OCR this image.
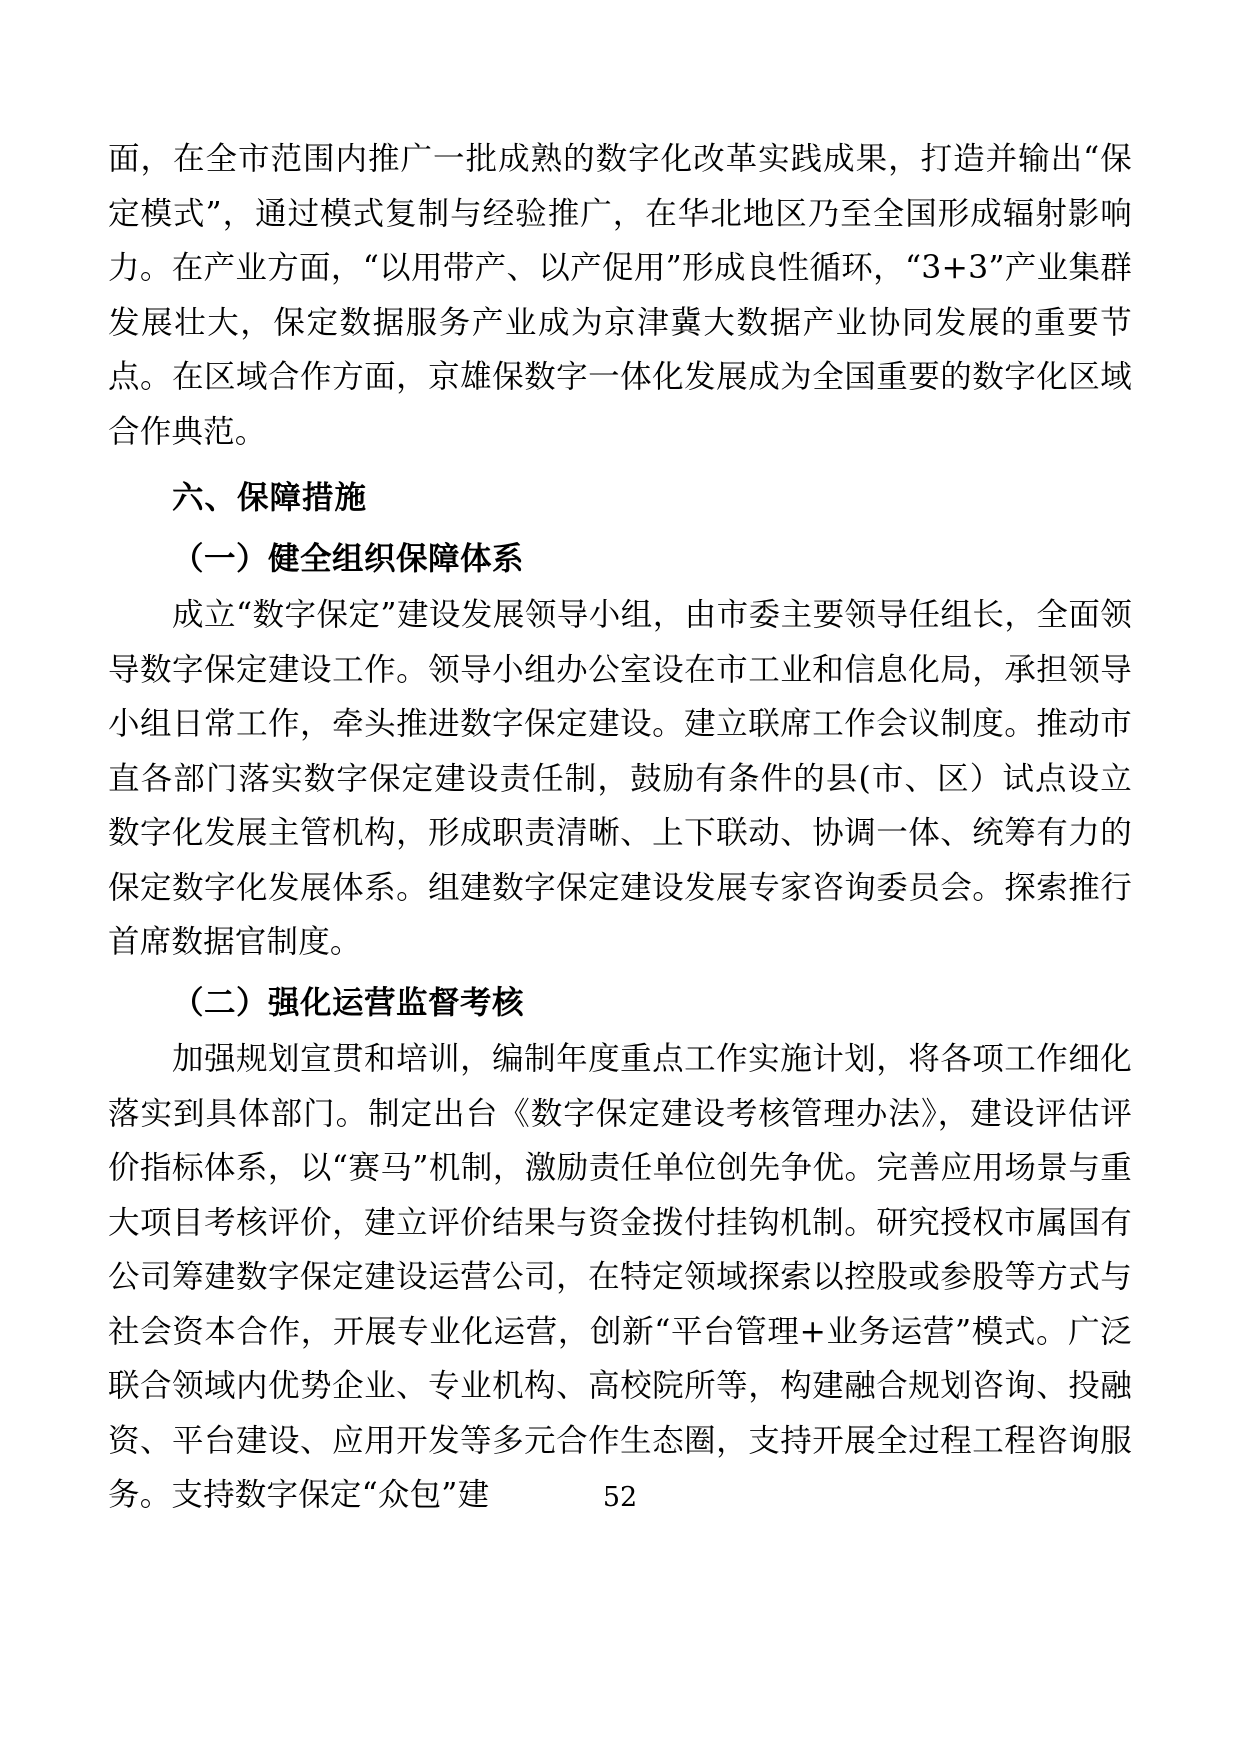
面，在全市范围内推广一批成熟的数字化改革实践成果，打造并输出“保定模式”，通过模式复制与经验推广，在华北地区乃至全国形成辐射影响力。在产业方面，“以用带产、以产促用”形成良性循环，“3+3”产业集群发展壮大，保定数据服务产业成为京津冀大数据产业协同发展的重要节点。在区域合作方面，京雄保数字一体化发展成为全国重要的数字化区域合作典范。

六、保障措施
（一）健全组织保障体系

成立“数字保定”建设发展领导小组，由市委主要领导任组长，全面领导数字保定建设工作。领导小组办公室设在市工业和信息化局，承担领导小组日常工作，牵头推进数字保定建设。建立联席工作会议制度。推动市直各部门落实数字保定建设责任制，鼓励有条件的县(市、区）试点设立数字化发展主管机构，形成职责清晰、上下联动、协调一体、统筹有力的保定数字化发展体系。组建数字保定建设发展专家咨询委员会。探索推行首席数据官制度。

（二）强化运营监督考核

加强规划宣贯和培训，编制年度重点工作实施计划，将各项工作细化落实到具体部门。制定出台《数字保定建设考核管理办法》，建设评估评价指标体系，以“赛马”机制，激励责任单位创先争优。完善应用场景与重大项目考核评价，建立评价结果与资金拨付挂钩机制。研究授权市属国有公司筹建数字保定建设运营公司，在特定领域探索以控股或参股等方式与社会资本合作，开展专业化运营，创新“平台管理+业务运营”模式。广泛联合领域内优势企业、专业机构、高校院所等，构建融合规划咨询、投融资、平台建设、应用开发等多元合作生态圈，支持开展全过程工程咨询服务。支持数字保定“众包”建	52
